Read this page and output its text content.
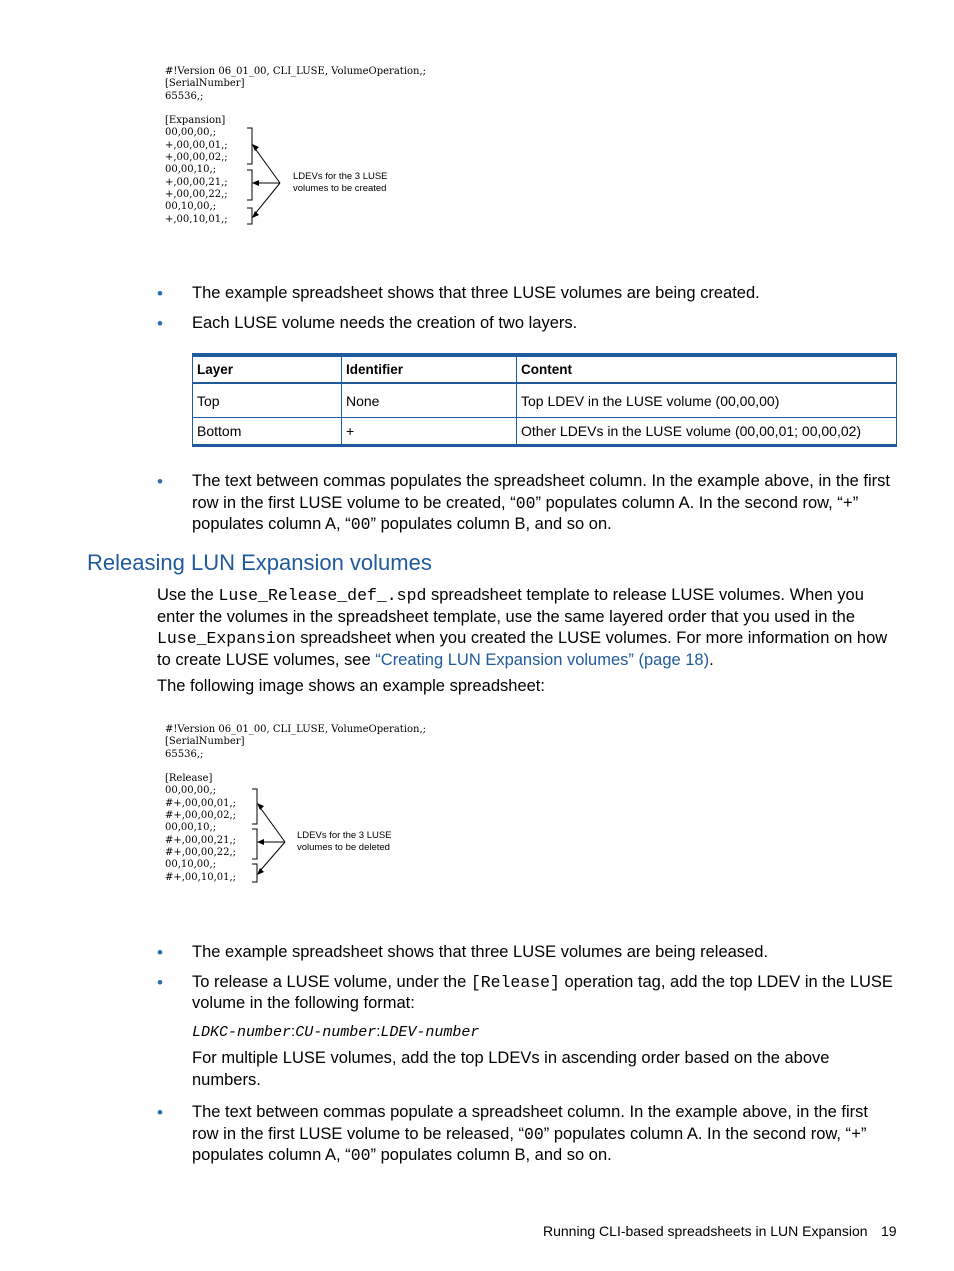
#!Version 06_01_00, CLI_LUSE, VolumeOperation,;
[SerialNumber]
65536,;
[Expansion]
00,00,00,;
+,00,00,01,;
+,00,00,02,;
00,00,10,;
+,00,00,21,;
+,00,00,22,;
00,10,00,;
+,00,10,01,;
LDEVs for the 3 LUSE
volumes to be created
• The example spreadsheet shows that three LUSE volumes are being created.
• Each LUSE volume needs the creation of two layers.
Layer	Identifier	Content
Top	None	Top LDEV in the LUSE volume (00,00,00)
Bottom	+	Other LDEVs in the LUSE volume (00,00,01; 00,00,02)
• The text between commas populates the spreadsheet column. In the example above, in the first row in the first LUSE volume to be created, “00” populates column A. In the second row, “+” populates column A, “00” populates column B, and so on.
Releasing LUN Expansion volumes

Use the Luse_Release_def_.spd spreadsheet template to release LUSE volumes. When you enter the volumes in the spreadsheet template, use the same layered order that you used in the Luse_Expansion spreadsheet when you created the LUSE volumes. For more information on how to create LUSE volumes, see “Creating LUN Expansion volumes” (page 18).

The following image shows an example spreadsheet:

#!Version 06_01_00, CLI_LUSE, VolumeOperation,;
[SerialNumber]
65536,;
[Release]
00,00,00,;
#+,00,00,01,;
#+,00,00,02,;
00,00,10,;
#+,00,00,21,;
#+,00,00,22,;
00,10,00,;
#+,00,10,01,;
LDEVs for the 3 LUSE
volumes to be deleted
• The example spreadsheet shows that three LUSE volumes are being released.
• To release a LUSE volume, under the [Release] operation tag, add the top LDEV in the LUSE volume in the following format:
LDKC-number:CU-number:LDEV-number
For multiple LUSE volumes, add the top LDEVs in ascending order based on the above numbers.
• The text between commas populate a spreadsheet column. In the example above, in the first row in the first LUSE volume to be released, “00” populates column A. In the second row, “+” populates column A, “00” populates column B, and so on.
Running CLI-based spreadsheets in LUN Expansion 19
